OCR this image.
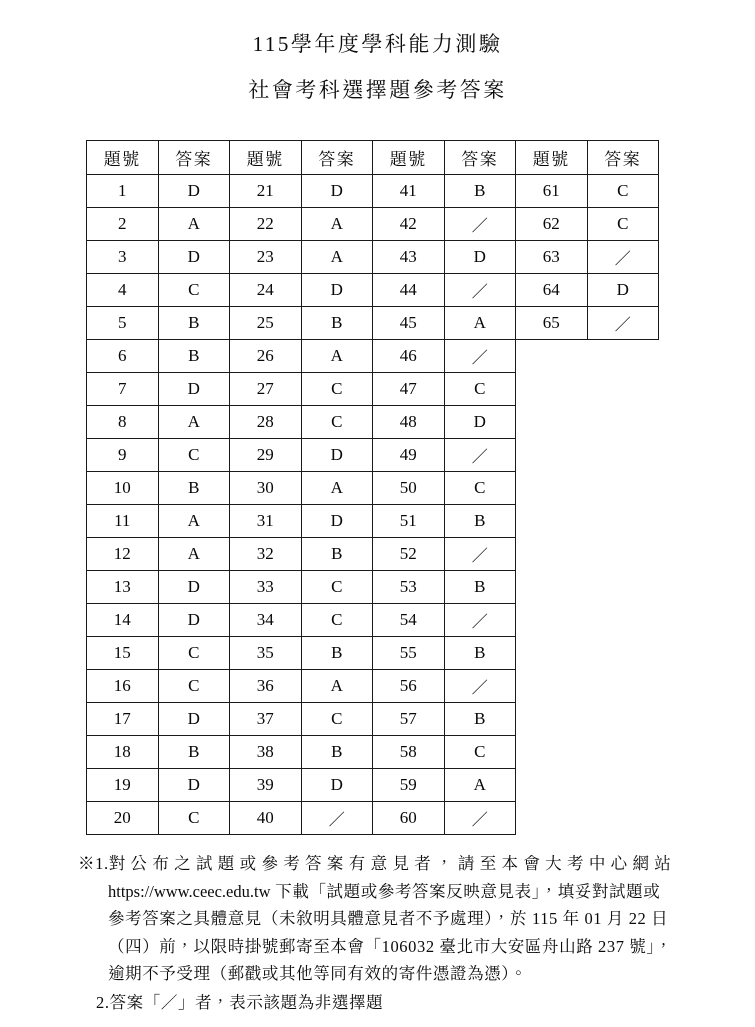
115學年度學科能力測驗
社會考科選擇題參考答案
題號	答案	題號	答案	題號	答案	題號	答案
1	D	21	D	41	B	61	C
2	A	22	A	42	／	62	C
3	D	23	A	43	D	63	／
4	C	24	D	44	／	64	D
5	B	25	B	45	A	65	／
6	B	26	A	46	／		
7	D	27	C	47	C		
8	A	28	C	48	D		
9	C	29	D	49	／		
10	B	30	A	50	C		
11	A	31	D	51	B		
12	A	32	B	52	／		
13	D	33	C	53	B		
14	D	34	C	54	／		
15	C	35	B	55	B		
16	C	36	A	56	／		
17	D	37	C	57	B		
18	B	38	B	58	C		
19	D	39	D	59	A		
20	C	40	／	60	／		
※1.對 公 布 之 試 題 或 參 考 答 案 有 意 見 者 ， 請 至 本 會 大 考 中 心 網 站
https://www.ceec.edu.tw 下載「試題或參考答案反映意見表」，填妥對試題或
參考答案之具體意見（未敘明具體意見者不予處理），於 115 年 01 月 22 日
（四）前，以限時掛號郵寄至本會「106032 臺北市大安區舟山路 237 號」，
逾期不予受理（郵戳或其他等同有效的寄件憑證為憑）。
2.答案「／」者，表示該題為非選擇題
